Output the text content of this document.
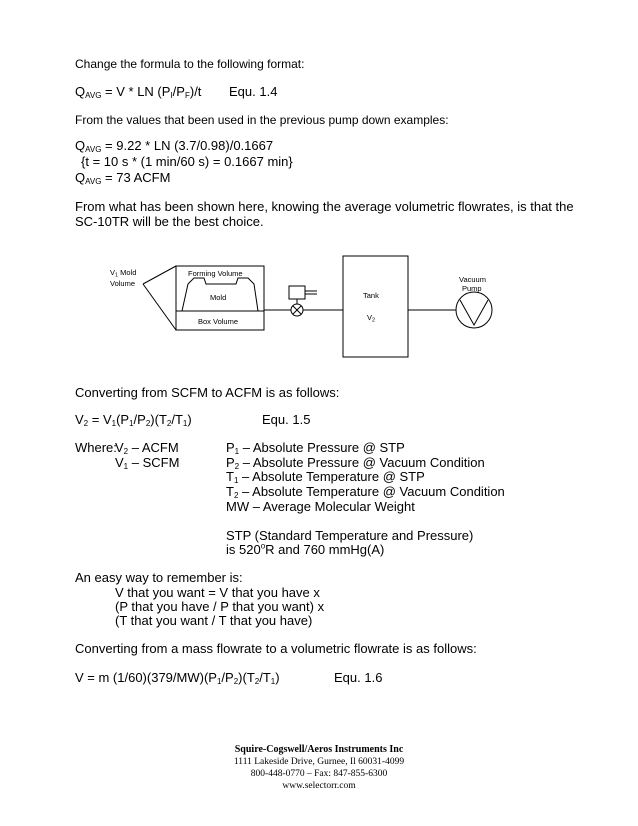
Change the formula to the following format:
$Q_{AVG} = V$ * LN $(P_I/P_F)/t$ Equ. 1.4
From the values that been used in the previous pump down examples:
$Q_{AVG} = 9.22$ * LN (3.7/0.98)/0.1667
{t = 10 s * (1 min/60 s) = 0.1667 min}
$Q_{AVG} = 73$ ACFM
From what has been shown here, knowing the average volumetric flowrates, is that the
SC-10TR will be the best choice.
$V_1$ Mold
Volume
Forming Volume
Mold
Box Volume
Tank
$V_2$
Vacuum
Pump
Converting from SCFM to ACFM is as follows:
$V_2 = V_1(P_1/P_2)(T_2/T_1)$	Equ. 1.5
Where:
$V_2$ – ACFM
$V_1$ – SCFM
$P_1$ – Absolute Pressure @ STP
$P_2$ – Absolute Pressure @ Vacuum Condition
$T_1$ – Absolute Temperature @ STP
$T_2$ – Absolute Temperature @ Vacuum Condition
MW – Average Molecular Weight
STP (Standard Temperature and Pressure)
is 520$^o$R and 760 mmHg(A)
An easy way to remember is:
V that you want = V that you have x
(P that you have / P that you want) x
(T that you want / T that you have)
Converting from a mass flowrate to a volumetric flowrate is as follows:
V = m $(1/60)(379/MW)(P_1/P_2)(T_2/T_1)$	Equ. 1.6
Squire-Cogswell/Aeros Instruments Inc
1111 Lakeside Drive, Gurnee, Il 60031-4099
800-448-0770 – Fax: 847-855-6300
www.selectorr.com
